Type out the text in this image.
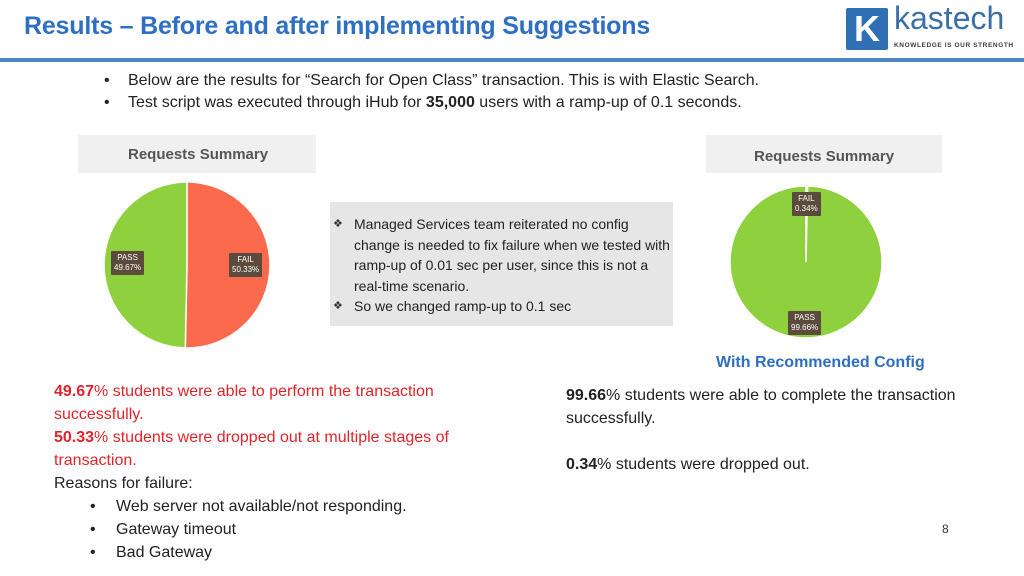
Results – Before and after implementing Suggestions	K kastech
KNOWLEDGE IS OUR STRENGTH
• Below are the results for “Search for Open Class” transaction. This is with Elastic Search.
• Test script was executed through iHub for 35,000 users with a ramp-up of 0.1 seconds.
Requests Summary
PASS
49.67%
FAIL
50.33%
Requests Summary
FAIL
0.34%
PASS
99.66%
With Recommended Config
❖ Managed Services team reiterated no config change is needed to fix failure when we tested with ramp-up of 0.01 sec per user, since this is not a real-time scenario.
❖ So we changed ramp-up to 0.1 sec
49.67% students were able to perform the transaction successfully.
50.33% students were dropped out at multiple stages of transaction.
Reasons for failure:
• Web server not available/not responding.
• Gateway timeout
• Bad Gateway
99.66% students were able to complete the transaction successfully.
0.34% students were dropped out.
8
